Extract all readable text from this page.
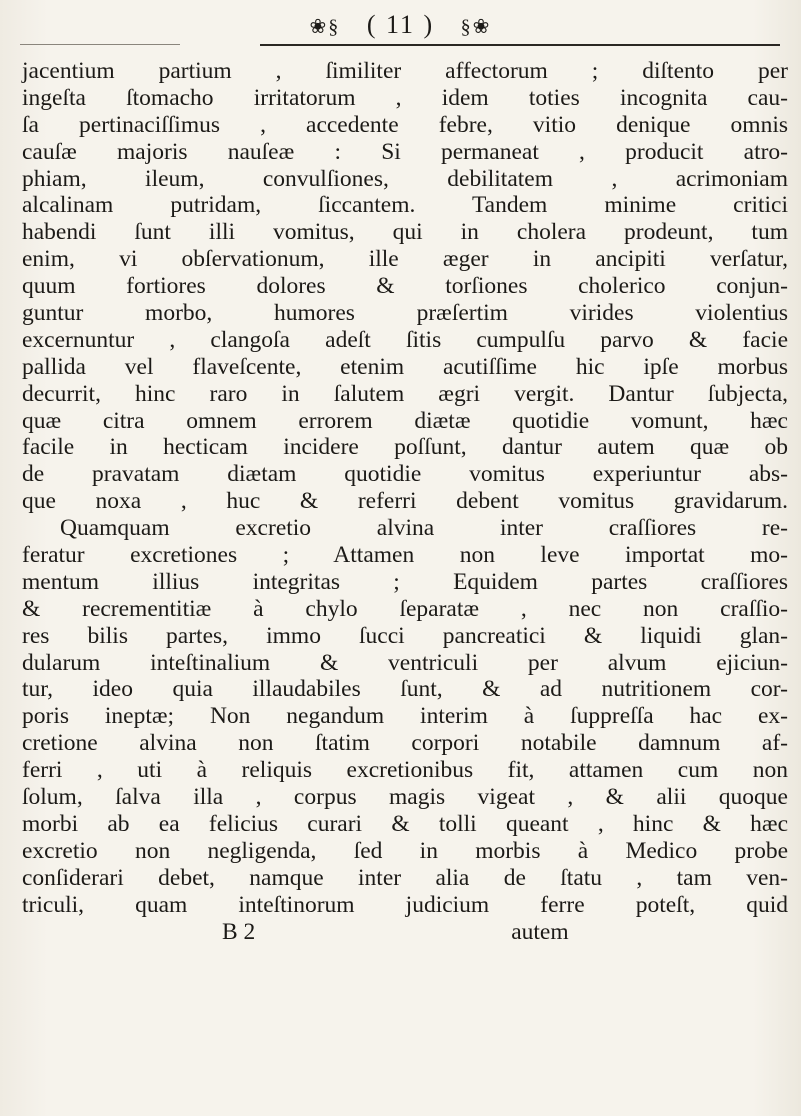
❀§ ( 11 ) §❀
jacentium partium , ſimiliter affectorum ; diſtento per
ingeſta ſtomacho irritatorum , idem toties incognita cau-
ſa pertinaciſſimus , accedente febre, vitio denique omnis
cauſæ majoris nauſeæ : Si permaneat , producit atro-
phiam, ileum, convulſiones, debilitatem , acrimoniam
alcalinam putridam, ſiccantem. Tandem minime critici
habendi ſunt illi vomitus, qui in cholera prodeunt, tum
enim, vi obſervationum, ille æger in ancipiti verſatur,
quum fortiores dolores & torſiones cholerico conjun-
guntur morbo, humores præſertim virides violentius
excernuntur , clangoſa adeſt ſitis cumpulſu parvo & facie
pallida vel flaveſcente, etenim acutiſſime hic ipſe morbus
decurrit, hinc raro in ſalutem ægri vergit. Dantur ſubjecta,
quæ citra omnem errorem diætæ quotidie vomunt, hæc
facile in hecticam incidere poſſunt, dantur autem quæ ob
de pravatam diætam quotidie vomitus experiuntur abs-
que noxa , huc & referri debent vomitus gravidarum.
Quamquam excretio alvina inter craſſiores re-
feratur excretiones ; Attamen non leve importat mo-
mentum illius integritas ; Equidem partes craſſiores
& recrementitiæ à chylo ſeparatæ , nec non craſſio-
res bilis partes, immo ſucci pancreatici & liquidi glan-
dularum inteſtinalium & ventriculi per alvum ejiciun-
tur, ideo quia illaudabiles ſunt, & ad nutritionem cor-
poris ineptæ; Non negandum interim à ſuppreſſa hac ex-
cretione alvina non ſtatim corpori notabile damnum af-
ferri , uti à reliquis excretionibus fit, attamen cum non
ſolum, ſalva illa , corpus magis vigeat , & alii quoque
morbi ab ea felicius curari & tolli queant , hinc & hæc
excretio non negligenda, ſed in morbis à Medico probe
conſiderari debet, namque inter alia de ſtatu , tam ven-
triculi, quam inteſtinorum judicium ferre poteſt, quid
B 2	autem
